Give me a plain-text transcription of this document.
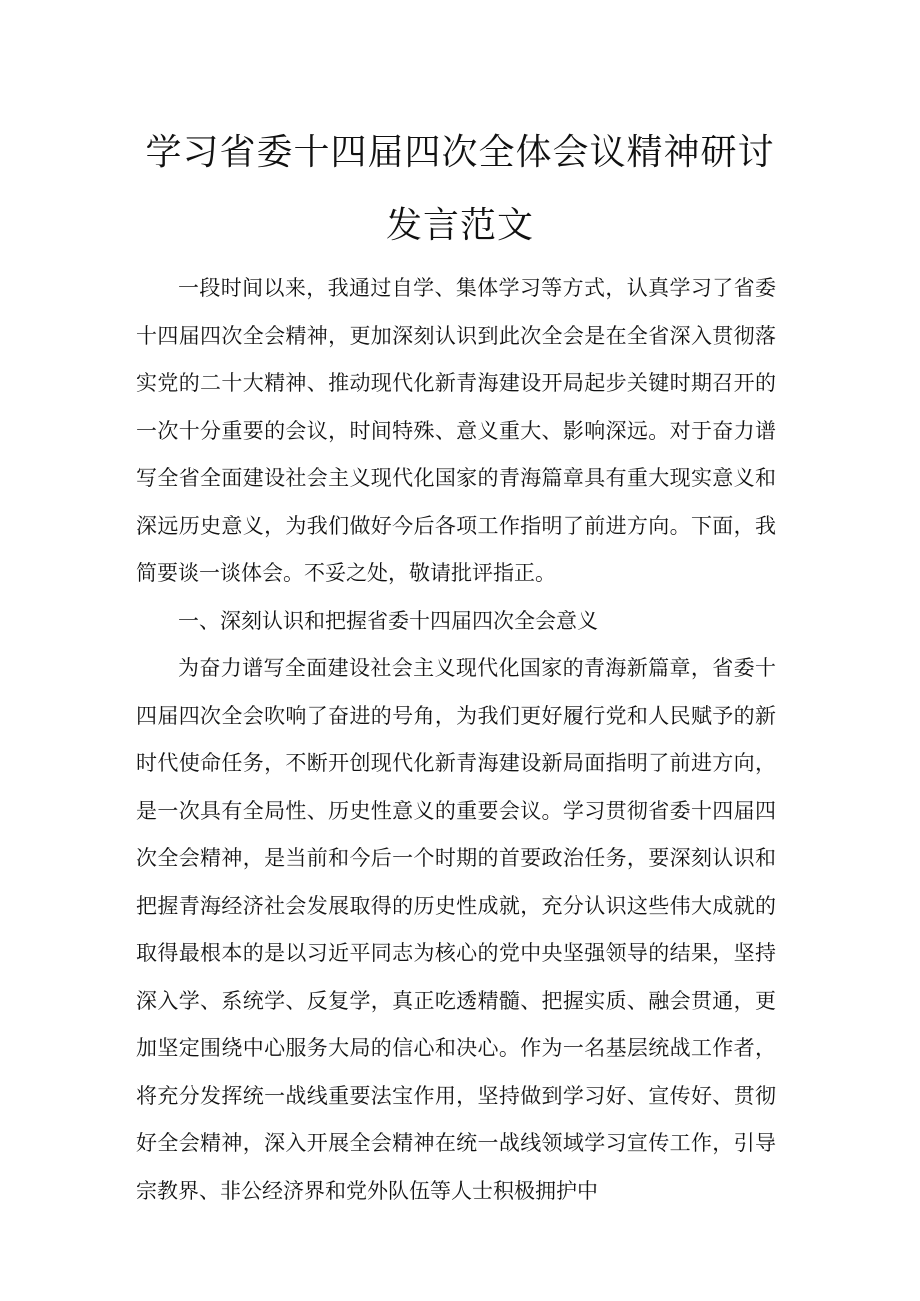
学习省委十四届四次全体会议精神研讨
发言范文

一段时间以来，我通过自学、集体学习等方式，认真学习了省委十四届四次全会精神，更加深刻认识到此次全会是在全省深入贯彻落实党的二十大精神、推动现代化新青海建设开局起步关键时期召开的一次十分重要的会议，时间特殊、意义重大、影响深远。对于奋力谱写全省全面建设社会主义现代化国家的青海篇章具有重大现实意义和深远历史意义，为我们做好今后各项工作指明了前进方向。下面，我简要谈一谈体会。不妥之处，敬请批评指正。

一、深刻认识和把握省委十四届四次全会意义

为奋力谱写全面建设社会主义现代化国家的青海新篇章，省委十四届四次全会吹响了奋进的号角，为我们更好履行党和人民赋予的新时代使命任务，不断开创现代化新青海建设新局面指明了前进方向，是一次具有全局性、历史性意义的重要会议。学习贯彻省委十四届四次全会精神，是当前和今后一个时期的首要政治任务，要深刻认识和把握青海经济社会发展取得的历史性成就，充分认识这些伟大成就的取得最根本的是以习近平同志为核心的党中央坚强领导的结果，坚持深入学、系统学、反复学，真正吃透精髓、把握实质、融会贯通，更加坚定围绕中心服务大局的信心和决心。作为一名基层统战工作者，将充分发挥统一战线重要法宝作用，坚持做到学习好、宣传好、贯彻好全会精神，深入开展全会精神在统一战线领域学习宣传工作，引导宗教界、非公经济界和党外队伍等人士积极拥护中
